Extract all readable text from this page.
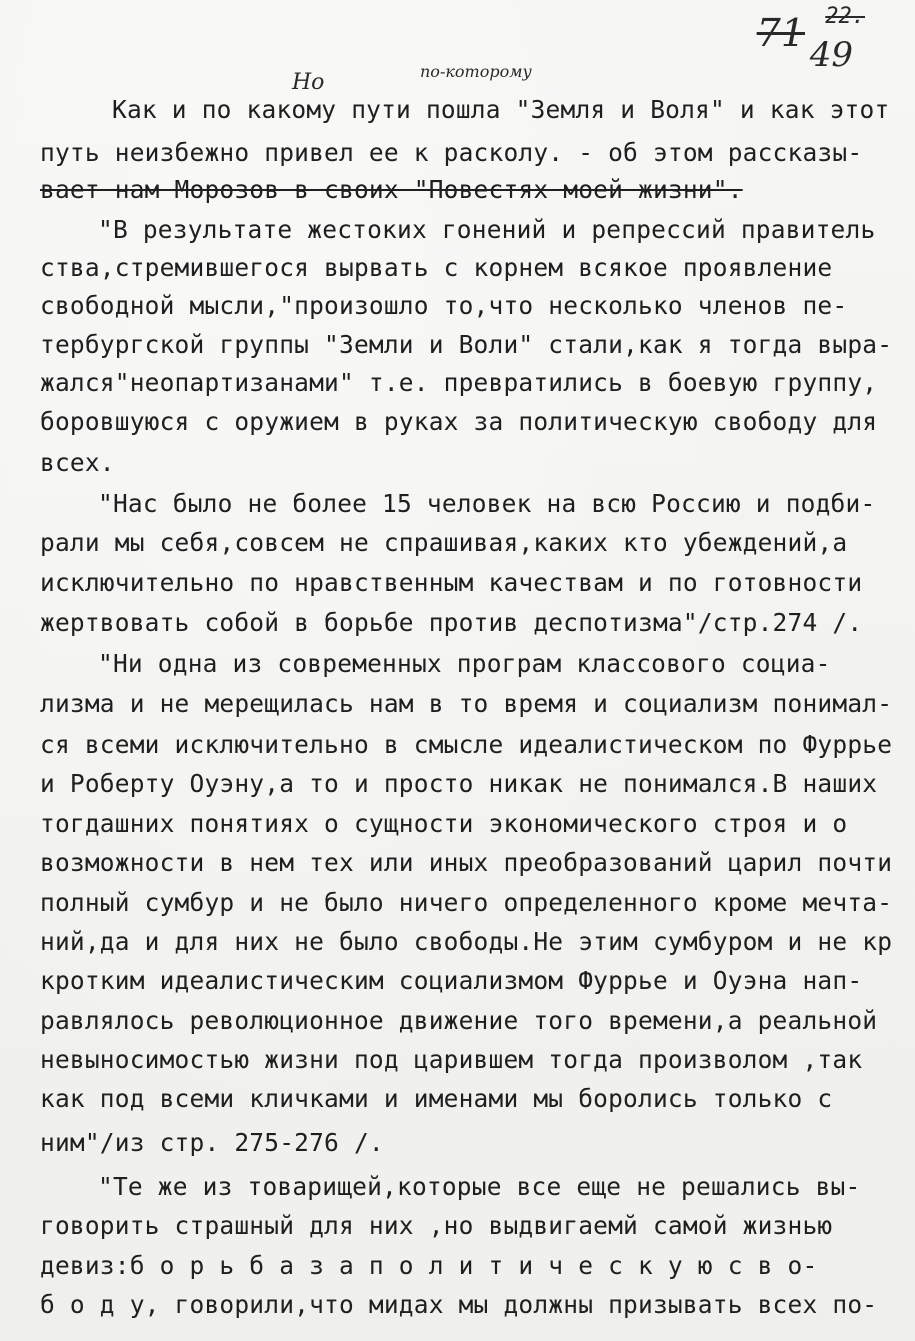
22.
71 49
Но	по-которому
Как и по какому пути пошла "Земля и Воля" и как этот
путь неизбежно привел ее к расколу. - об этом рассказы-
вает нам Морозов в своих "Повестях моей жизни".
"В результате жестоких гонений и репрессий правитель
ства,стремившегося вырвать с корнем всякое проявление
свободной мысли,"произошло то,что несколько членов пе-
тербургской группы "Земли и Воли" стали,как я тогда выра-
жался"неопартизанами" т.е. превратились в боевую группу,
боровшуюся с оружием в руках за политическую свободу для
всех.
"Нас было не более 15 человек на всю Россию и подби-
рали мы себя,совсем не спрашивая,каких кто убеждений,а
исключительно по нравственным качествам и по готовности
жертвовать собой в борьбе против деспотизма"/стр.274 /.
"Ни одна из современных програм классового социа-
лизма и не мерещилась нам в то время и социализм понимал-
ся всеми исключительно в смысле идеалистическом по Фуррье
и Роберту Оуэну,а то и просто никак не понимался.В наших
тогдашних понятиях о сущности экономического строя и о
возможности в нем тех или иных преобразований царил почти
полный сумбур и не было ничего определенного кроме мечта-
ний,да и для них не было свободы.Не этим сумбуром и не кр
кротким идеалистическим социализмом Фуррье и Оуэна нап-
равлялось революционное движение того времени,а реальной
невыносимостью жизни под царившем тогда произволом ,так
как под всеми кличками и именами мы боролись только с
ним"/из стр. 275-276 /.
"Те же из товарищей,которые все еще не решались вы-
говорить страшный для них ,но выдвигаемй самой жизнью
девиз:б о р ь б а з а п о л и т и ч е с к у ю с в о-
б о д у, говорили,что мидах мы должны призывать всех по-
